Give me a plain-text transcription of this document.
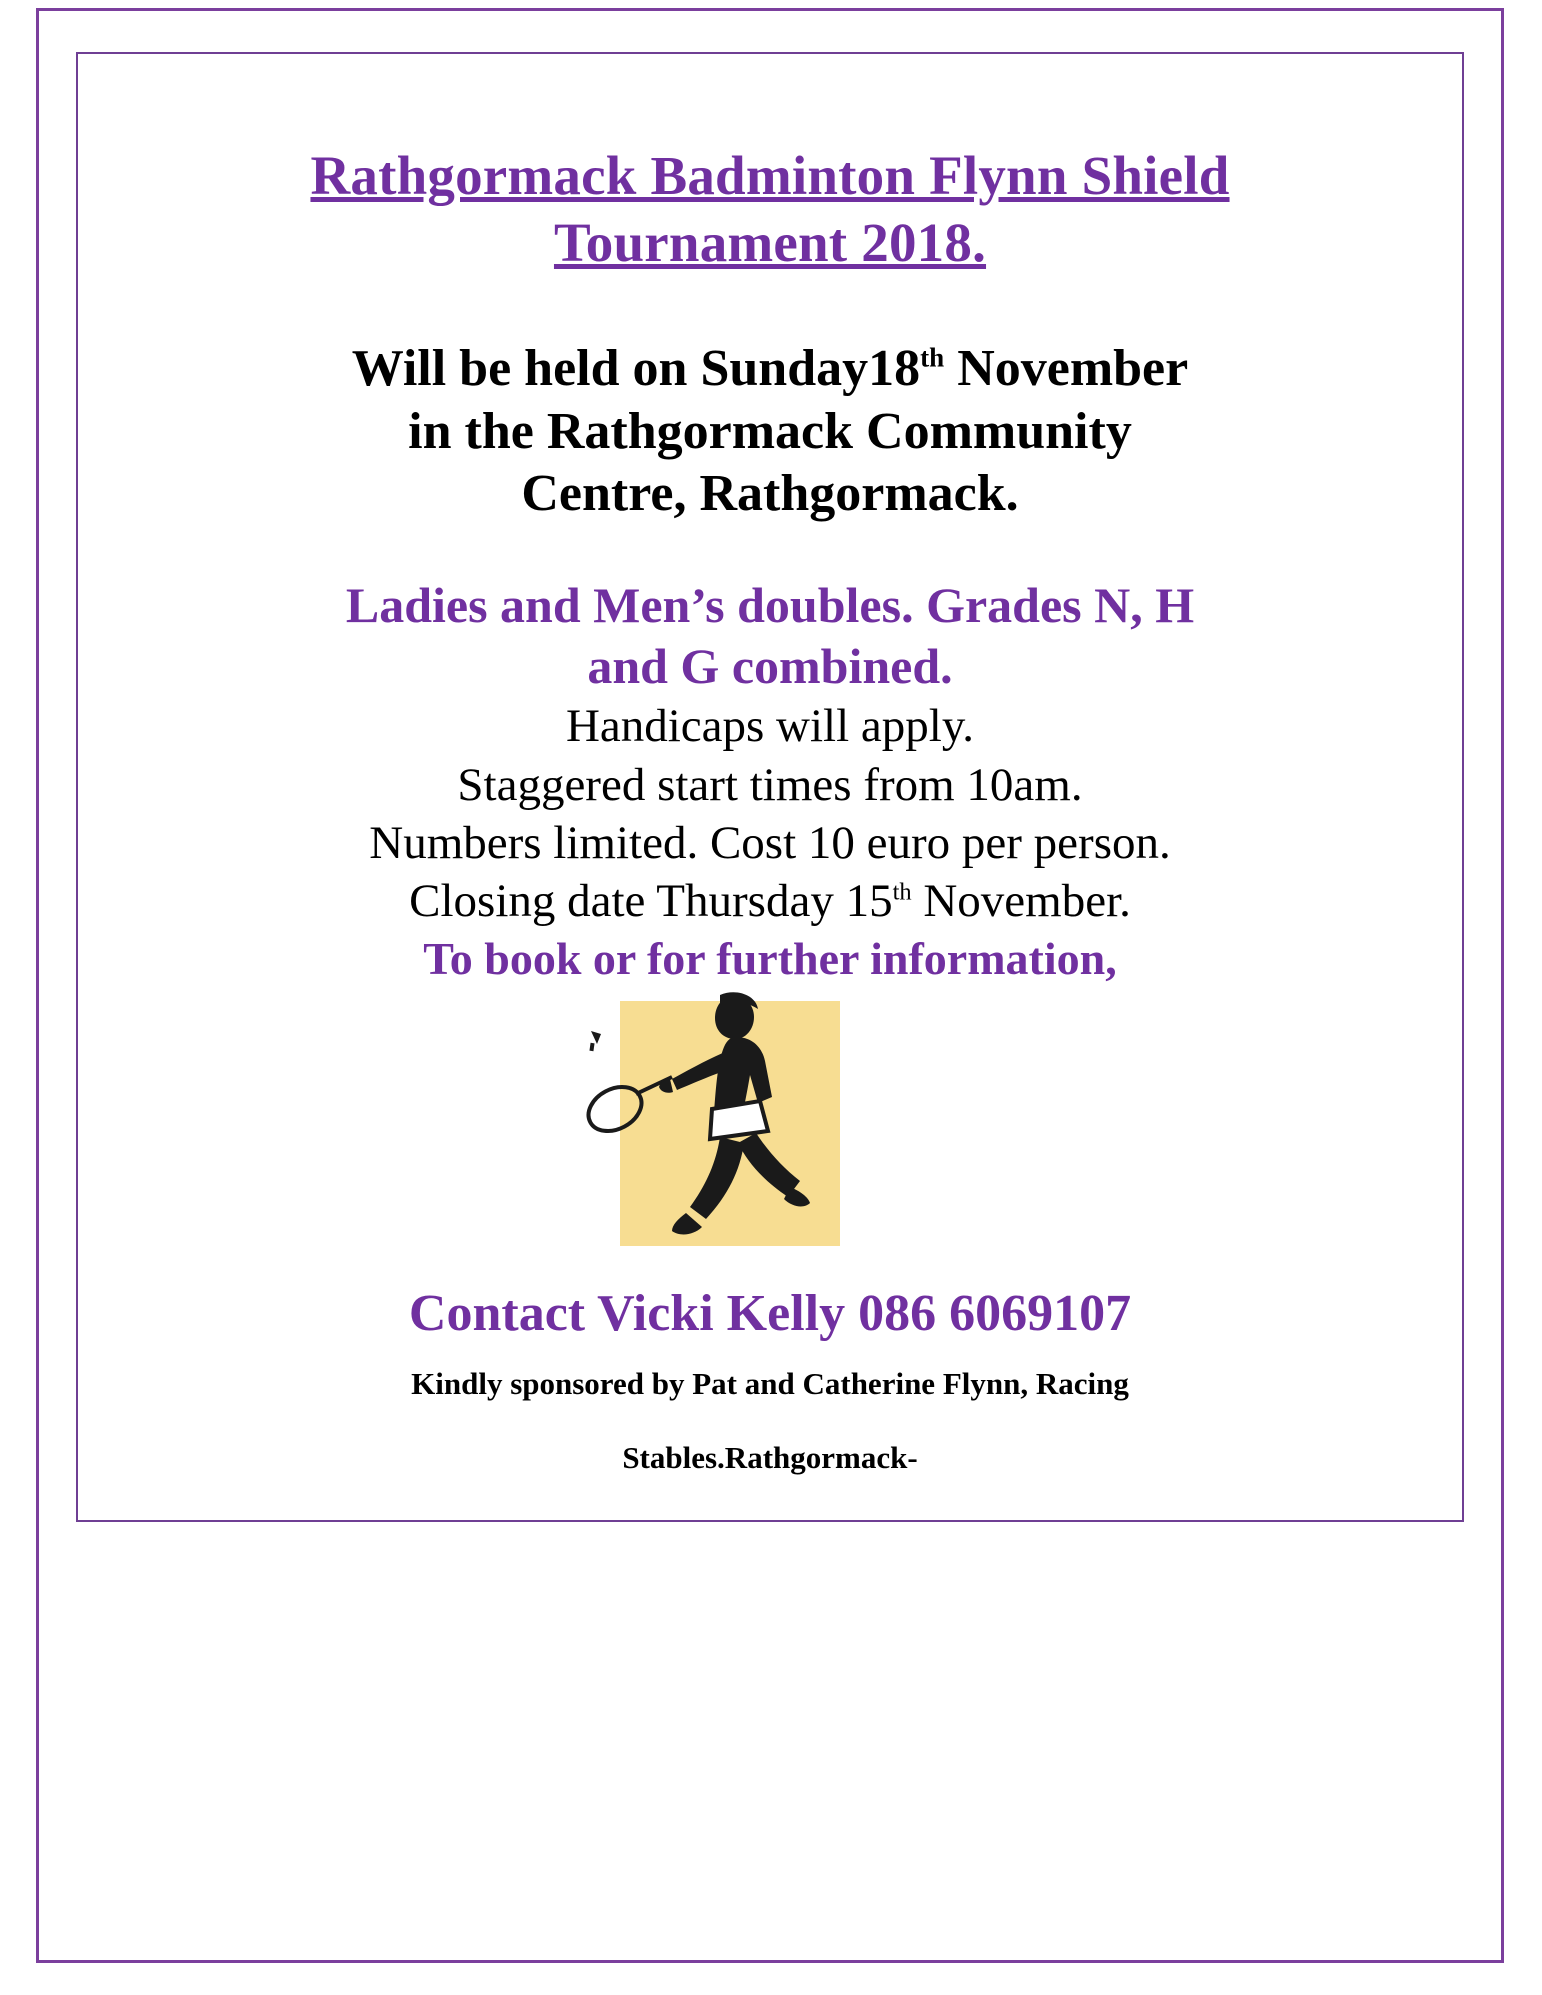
Rathgormack Badminton Flynn Shield
Tournament 2018.
Will be held on Sunday18th November
in the Rathgormack Community
Centre, Rathgormack.
Ladies and Men’s doubles. Grades N, H
and G combined.
Handicaps will apply.
Staggered start times from 10am.
Numbers limited. Cost 10 euro per person.
Closing date Thursday 15th November.
To book or for further information,
Contact Vicki Kelly 086 6069107
Kindly sponsored by Pat and Catherine Flynn, Racing
Stables.Rathgormack-
